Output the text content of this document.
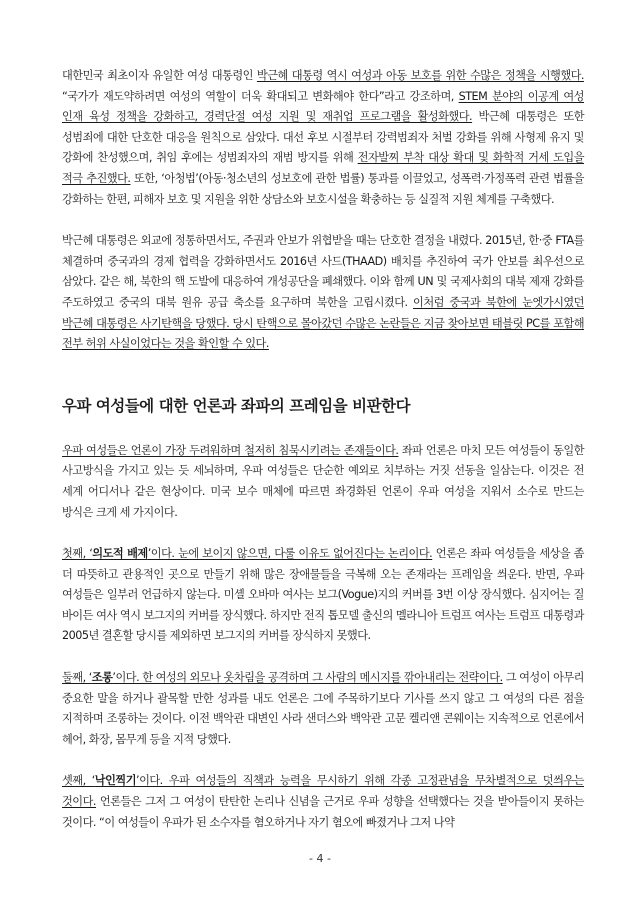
대한민국 최초이자 유일한 여성 대통령인 박근혜 대통령 역시 여성과 아동 보호를 위한 수많은 정책을 시행했다. “국가가 재도약하려면 여성의 역할이 더욱 확대되고 변화해야 한다”라고 강조하며, STEM 분야의 이공계 여성 인재 육성 정책을 강화하고, 경력단절 여성 지원 및 재취업 프로그램을 활성화했다. 박근혜 대통령은 또한 성범죄에 대한 단호한 대응을 원칙으로 삼았다. 대선 후보 시절부터 강력범죄자 처벌 강화를 위해 사형제 유지 및 강화에 찬성했으며, 취임 후에는 성범죄자의 재범 방지를 위해 전자발찌 부착 대상 확대 및 화학적 거세 도입을 적극 추진했다. 또한, ‘아청법’(아동·청소년의 성보호에 관한 법률) 통과를 이끌었고, 성폭력·가정폭력 관련 법률을 강화하는 한편, 피해자 보호 및 지원을 위한 상담소와 보호시설을 확충하는 등 실질적 지원 체계를 구축했다.

박근혜 대통령은 외교에 정통하면서도, 주권과 안보가 위협받을 때는 단호한 결정을 내렸다. 2015년, 한·중 FTA를 체결하며 중국과의 경제 협력을 강화하면서도 2016년 사드(THAAD) 배치를 추진하여 국가 안보를 최우선으로 삼았다. 같은 해, 북한의 핵 도발에 대응하여 개성공단을 폐쇄했다. 이와 함께 UN 및 국제사회의 대북 제재 강화를 주도하였고 중국의 대북 원유 공급 축소를 요구하며 북한을 고립시켰다. 이처럼 중국과 북한에 눈엣가시였던 박근혜 대통령은 사기탄핵을 당했다. 당시 탄핵으로 몰아갔던 수많은 논란들은 지금 찾아보면 태블릿 PC를 포함해 전부 허위 사실이었다는 것을 확인할 수 있다.

우파 여성들에 대한 언론과 좌파의 프레임을 비판한다

우파 여성들은 언론이 가장 두려워하며 철저히 침묵시키려는 존재들이다. 좌파 언론은 마치 모든 여성들이 동일한 사고방식을 가지고 있는 듯 세뇌하며, 우파 여성들은 단순한 예외로 치부하는 거짓 선동을 일삼는다. 이것은 전 세계 어디서나 같은 현상이다. 미국 보수 매체에 따르면 좌경화된 언론이 우파 여성을 지워서 소수로 만드는 방식은 크게 세 가지이다.

첫째, ‘의도적 배제’이다. 눈에 보이지 않으면, 다룰 이유도 없어진다는 논리이다. 언론은 좌파 여성들을 세상을 좀 더 따뜻하고 관용적인 곳으로 만들기 위해 많은 장애물들을 극복해 오는 존재라는 프레임을 씌운다. 반면, 우파 여성들은 일부러 언급하지 않는다. 미셸 오바마 여사는 보그(Vogue)지의 커버를 3번 이상 장식했다. 심지어는 질 바이든 여사 역시 보그지의 커버를 장식했다. 하지만 전직 톱모델 출신의 멜라니아 트럼프 여사는 트럼프 대통령과 2005년 결혼할 당시를 제외하면 보그지의 커버를 장식하지 못했다.

둘째, ‘조롱’이다. 한 여성의 외모나 옷차림을 공격하며 그 사람의 메시지를 깎아내리는 전략이다. 그 여성이 아무리 중요한 말을 하거나 괄목할 만한 성과를 내도 언론은 그에 주목하기보다 기사를 쓰지 않고 그 여성의 다른 점을 지적하며 조롱하는 것이다. 이전 백악관 대변인 사라 샌더스와 백악관 고문 켈리앤 콘웨이는 지속적으로 언론에서 헤어, 화장, 몸무게 등을 지적 당했다.

셋째, ‘낙인찍기’이다. 우파 여성들의 직책과 능력을 무시하기 위해 각종 고정관념을 무차별적으로 덧씌우는 것이다. 언론들은 그저 그 여성이 탄탄한 논리나 신념을 근거로 우파 성향을 선택했다는 것을 받아들이지 못하는 것이다. “이 여성들이 우파가 된 소수자를 혐오하거나 자기 혐오에 빠졌거나 그저 나약

- 4 -
